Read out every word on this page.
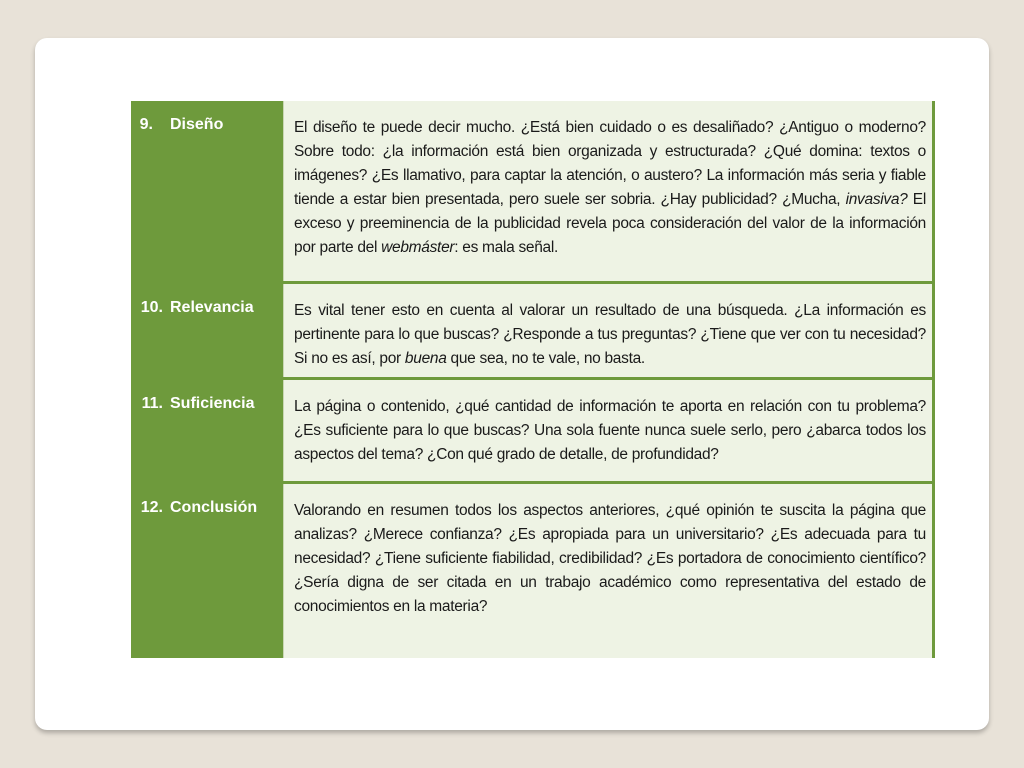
9. Diseño	El diseño te puede decir mucho. ¿Está bien cuidado o es desaliñado? ¿Antiguo o moderno? Sobre todo: ¿la información está bien organizada y estructurada? ¿Qué domina: textos o imágenes? ¿Es llamativo, para captar la atención, o austero? La información más seria y fiable tiende a estar bien presentada, pero suele ser sobria. ¿Hay publicidad? ¿Mucha, invasiva? El exceso y preeminencia de la publicidad revela poca consideración del valor de la información por parte del webmáster: es mala señal.
10. Relevancia	Es vital tener esto en cuenta al valorar un resultado de una búsqueda. ¿La información es pertinente para lo que buscas? ¿Responde a tus preguntas? ¿Tiene que ver con tu necesidad? Si no es así, por buena que sea, no te vale, no basta.
11. Suficiencia	La página o contenido, ¿qué cantidad de información te aporta en relación con tu problema? ¿Es suficiente para lo que buscas? Una sola fuente nunca suele serlo, pero ¿abarca todos los aspectos del tema? ¿Con qué grado de detalle, de profundidad?
12. Conclusión	Valorando en resumen todos los aspectos anteriores, ¿qué opinión te suscita la página que analizas? ¿Merece confianza? ¿Es apropiada para un universitario? ¿Es adecuada para tu necesidad? ¿Tiene suficiente fiabilidad, credibilidad? ¿Es portadora de conocimiento científico? ¿Sería digna de ser citada en un trabajo académico como representativa del estado de conocimientos en la materia?
